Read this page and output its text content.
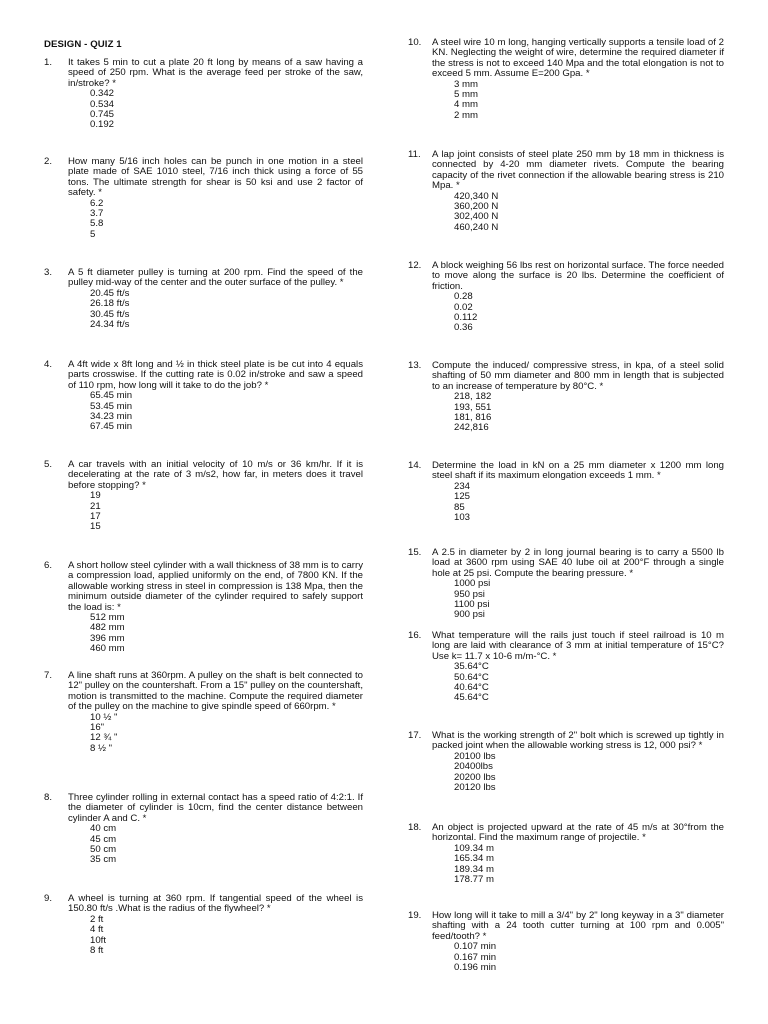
DESIGN - QUIZ 1
1. It takes 5 min to cut a plate 20 ft long by means of a saw having a speed of 250 rpm. What is the average feed per stroke of the saw, in/stroke? *
0.342
0.534
0.745
0.192
2. How many 5/16 inch holes can be punch in one motion in a steel plate made of SAE 1010 steel, 7/16 inch thick using a force of 55 tons. The ultimate strength for shear is 50 ksi and use 2 factor of safety. *
6.2
3.7
5.8
5
3. A 5 ft diameter pulley is turning at 200 rpm. Find the speed of the pulley mid-way of the center and the outer surface of the pulley. *
20.45 ft/s
26.18 ft/s
30.45 ft/s
24.34 ft/s
4. A 4ft wide x 8ft long and ½ in thick steel plate is be cut into 4 equals parts crosswise. If the cutting rate is 0.02 in/stroke and saw a speed of 110 rpm, how long will it take to do the job? *
65.45 min
53.45 min
34.23 min
67.45 min
5. A car travels with an initial velocity of 10 m/s or 36 km/hr. If it is decelerating at the rate of 3 m/s2, how far, in meters does it travel before stopping? *
19
21
17
15
6. A short hollow steel cylinder with a wall thickness of 38 mm is to carry a compression load, applied uniformly on the end, of 7800 KN. If the allowable working stress in steel in compression is 138 Mpa, then the minimum outside diameter of the cylinder required to safely support the load is: *
512 mm
482 mm
396 mm
460 mm
7. A line shaft runs at 360rpm. A pulley on the shaft is belt connected to 12" pulley on the countershaft. From a 15" pulley on the countershaft, motion is transmitted to the machine. Compute the required diameter of the pulley on the machine to give spindle speed of 660rpm. *
10 ½ "
16"
12 ¾ "
8 ½ "
8. Three cylinder rolling in external contact has a speed ratio of 4:2:1. If the diameter of cylinder is 10cm, find the center distance between cylinder A and C. *
40 cm
45 cm
50 cm
35 cm
9. A wheel is turning at 360 rpm. If tangential speed of the wheel is 150.80 ft/s .What is the radius of the flywheel? *
2 ft
4 ft
10ft
8 ft
10. A steel wire 10 m long, hanging vertically supports a tensile load of 2 KN. Neglecting the weight of wire, determine the required diameter if the stress is not to exceed 140 Mpa and the total elongation is not to exceed 5 mm. Assume E=200 Gpa. *
3 mm
5 mm
4 mm
2 mm
11. A lap joint consists of steel plate 250 mm by 18 mm in thickness is connected by 4-20 mm diameter rivets. Compute the bearing capacity of the rivet connection if the allowable bearing stress is 210 Mpa. *
420,340 N
360,200 N
302,400 N
460,240 N
12. A block weighing 56 lbs rest on horizontal surface. The force needed to move along the surface is 20 lbs. Determine the coefficient of friction.
0.28
0.02
0.112
0.36
13. Compute the induced/ compressive stress, in kpa, of a steel solid shafting of 50 mm diameter and 800 mm in length that is subjected to an increase of temperature by 80°C. *
218, 182
193, 551
181, 816
242,816
14. Determine the load in kN on a 25 mm diameter x 1200 mm long steel shaft if its maximum elongation exceeds 1 mm. *
234
125
85
103
15. A 2.5 in diameter by 2 in long journal bearing is to carry a 5500 lb load at 3600 rpm using SAE 40 lube oil at 200°F through a single hole at 25 psi. Compute the bearing pressure. *
1000 psi
950 psi
1100 psi
900 psi
16. What temperature will the rails just touch if steel railroad is 10 m long are laid with clearance of 3 mm at initial temperature of 15°C? Use k= 11.7 x 10-6 m/m-°C. *
35.64°C
50.64°C
40.64°C
45.64°C
17. What is the working strength of 2" bolt which is screwed up tightly in packed joint when the allowable working stress is 12, 000 psi? *
20100 lbs
20400lbs
20200 lbs
20120 lbs
18. An object is projected upward at the rate of 45 m/s at 30°from the horizontal. Find the maximum range of projectile. *
109.34 m
165.34 m
189.34 m
178.77 m
19. How long will it take to mill a 3/4" by 2" long keyway in a 3" diameter shafting with a 24 tooth cutter turning at 100 rpm and 0.005" feed/tooth? *
0.107 min
0.167 min
0.196 min
